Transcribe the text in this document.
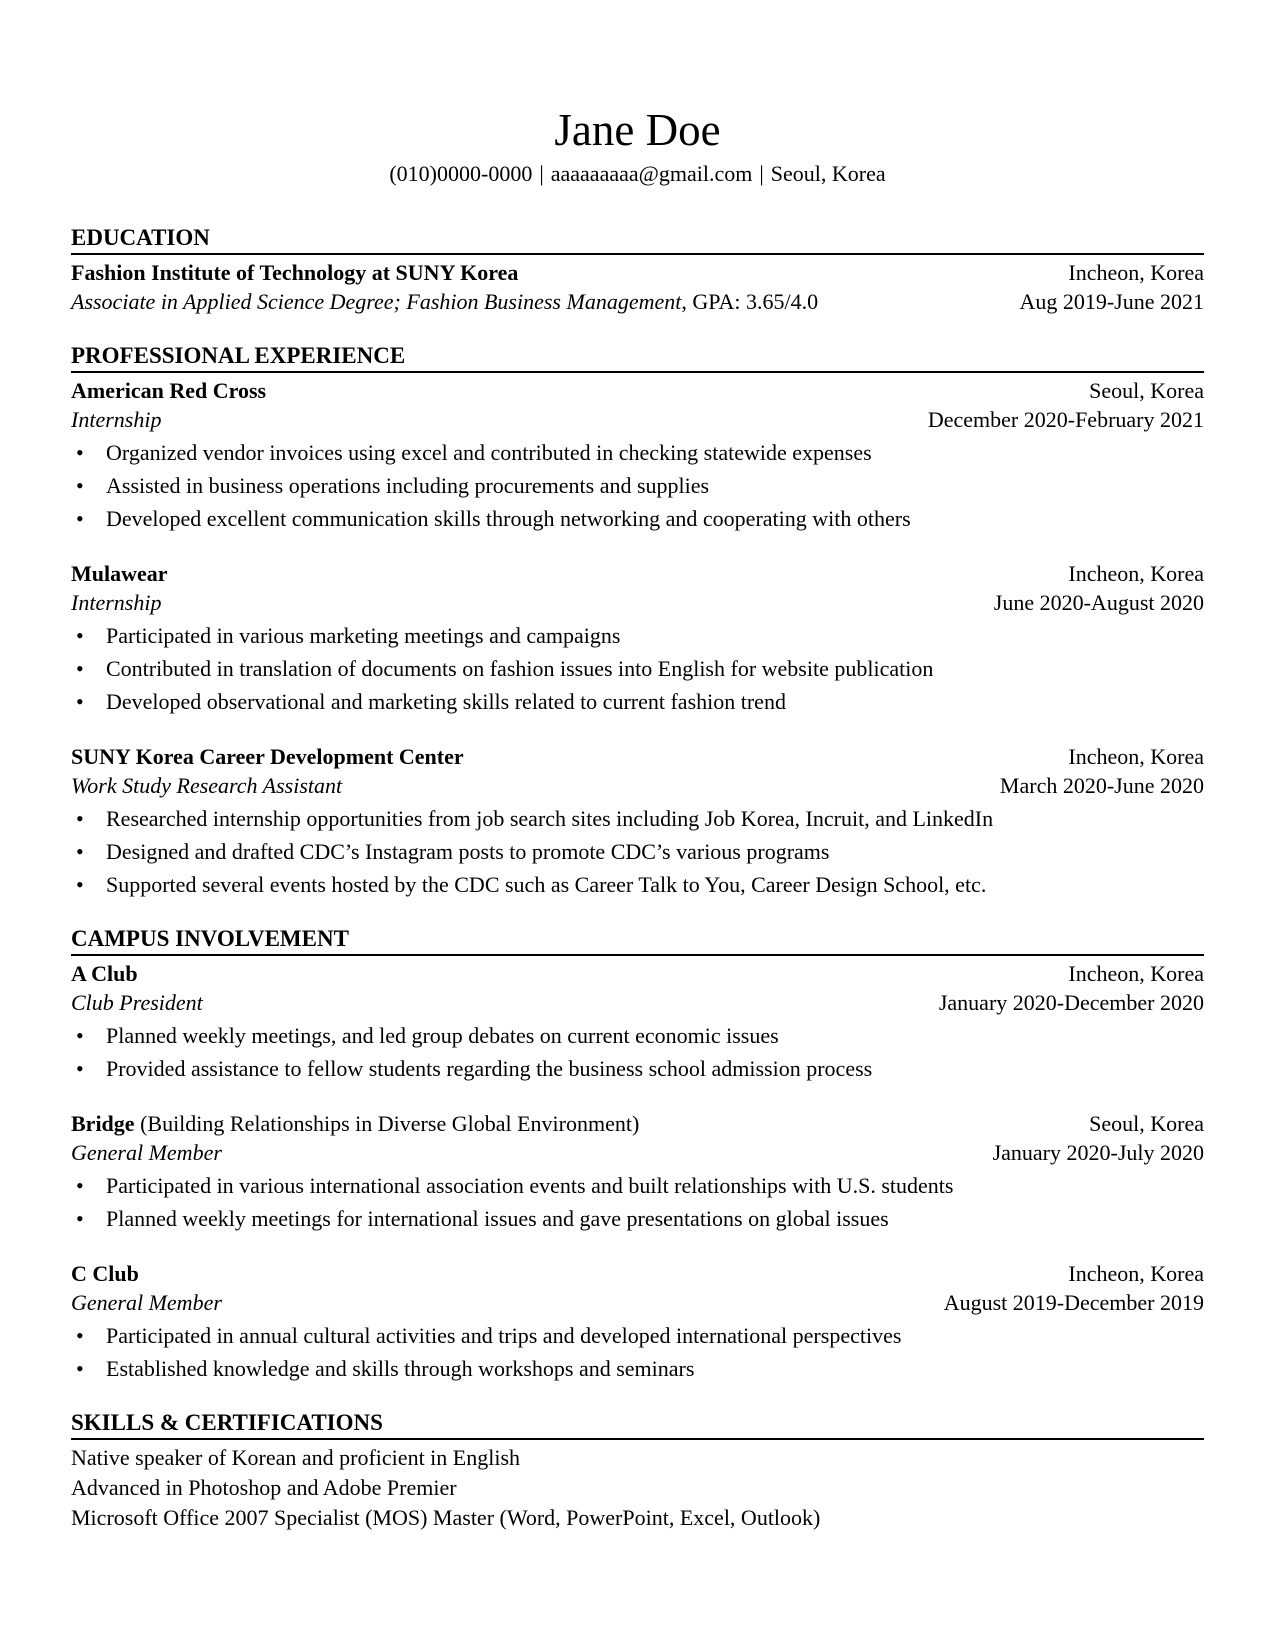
Jane Doe
(010)0000-0000 | aaaaaaaaa@gmail.com | Seoul, Korea
EDUCATION
Fashion Institute of Technology at SUNY Korea	Incheon, Korea
Associate in Applied Science Degree; Fashion Business Management, GPA: 3.65/4.0	Aug 2019-June 2021
PROFESSIONAL EXPERIENCE
American Red Cross	Seoul, Korea
Internship	December 2020-February 2021
• Organized vendor invoices using excel and contributed in checking statewide expenses
• Assisted in business operations including procurements and supplies
• Developed excellent communication skills through networking and cooperating with others
Mulawear	Incheon, Korea
Internship	June 2020-August 2020
• Participated in various marketing meetings and campaigns
• Contributed in translation of documents on fashion issues into English for website publication
• Developed observational and marketing skills related to current fashion trend
SUNY Korea Career Development Center	Incheon, Korea
Work Study Research Assistant	March 2020-June 2020
• Researched internship opportunities from job search sites including Job Korea, Incruit, and LinkedIn
• Designed and drafted CDC’s Instagram posts to promote CDC’s various programs
• Supported several events hosted by the CDC such as Career Talk to You, Career Design School, etc.
CAMPUS INVOLVEMENT
A Club	Incheon, Korea
Club President	January 2020-December 2020
• Planned weekly meetings, and led group debates on current economic issues
• Provided assistance to fellow students regarding the business school admission process
Bridge (Building Relationships in Diverse Global Environment)	Seoul, Korea
General Member	January 2020-July 2020
• Participated in various international association events and built relationships with U.S. students
• Planned weekly meetings for international issues and gave presentations on global issues
C Club	Incheon, Korea
General Member	August 2019-December 2019
• Participated in annual cultural activities and trips and developed international perspectives
• Established knowledge and skills through workshops and seminars
SKILLS & CERTIFICATIONS
Native speaker of Korean and proficient in English
Advanced in Photoshop and Adobe Premier
Microsoft Office 2007 Specialist (MOS) Master (Word, PowerPoint, Excel, Outlook)
